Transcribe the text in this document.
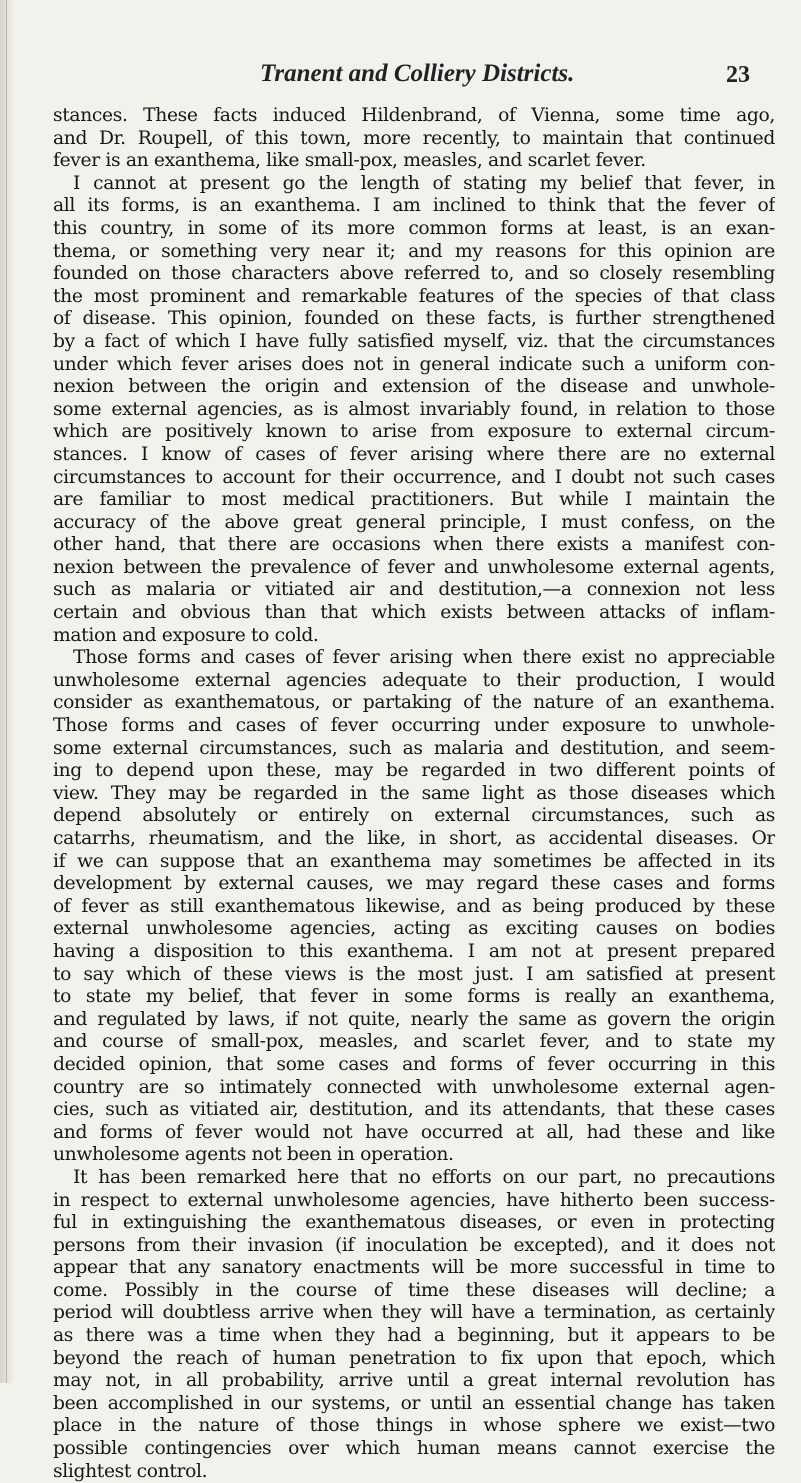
Tranent and Colliery Districts.	23
stances. These facts induced Hildenbrand, of Vienna, some time ago,
and Dr. Roupell, of this town, more recently, to maintain that continued
fever is an exanthema, like small-pox, measles, and scarlet fever.
I cannot at present go the length of stating my belief that fever, in
all its forms, is an exanthema. I am inclined to think that the fever of
this country, in some of its more common forms at least, is an exan-
thema, or something very near it; and my reasons for this opinion are
founded on those characters above referred to, and so closely resembling
the most prominent and remarkable features of the species of that class
of disease. This opinion, founded on these facts, is further strengthened
by a fact of which I have fully satisfied myself, viz. that the circumstances
under which fever arises does not in general indicate such a uniform con-
nexion between the origin and extension of the disease and unwhole-
some external agencies, as is almost invariably found, in relation to those
which are positively known to arise from exposure to external circum-
stances. I know of cases of fever arising where there are no external
circumstances to account for their occurrence, and I doubt not such cases
are familiar to most medical practitioners. But while I maintain the
accuracy of the above great general principle, I must confess, on the
other hand, that there are occasions when there exists a manifest con-
nexion between the prevalence of fever and unwholesome external agents,
such as malaria or vitiated air and destitution,—a connexion not less
certain and obvious than that which exists between attacks of inflam-
mation and exposure to cold.
Those forms and cases of fever arising when there exist no appreciable
unwholesome external agencies adequate to their production, I would
consider as exanthematous, or partaking of the nature of an exanthema.
Those forms and cases of fever occurring under exposure to unwhole-
some external circumstances, such as malaria and destitution, and seem-
ing to depend upon these, may be regarded in two different points of
view. They may be regarded in the same light as those diseases which
depend absolutely or entirely on external circumstances, such as
catarrhs, rheumatism, and the like, in short, as accidental diseases. Or
if we can suppose that an exanthema may sometimes be affected in its
development by external causes, we may regard these cases and forms
of fever as still exanthematous likewise, and as being produced by these
external unwholesome agencies, acting as exciting causes on bodies
having a disposition to this exanthema. I am not at present prepared
to say which of these views is the most just. I am satisfied at present
to state my belief, that fever in some forms is really an exanthema,
and regulated by laws, if not quite, nearly the same as govern the origin
and course of small-pox, measles, and scarlet fever, and to state my
decided opinion, that some cases and forms of fever occurring in this
country are so intimately connected with unwholesome external agen-
cies, such as vitiated air, destitution, and its attendants, that these cases
and forms of fever would not have occurred at all, had these and like
unwholesome agents not been in operation.
It has been remarked here that no efforts on our part, no precautions
in respect to external unwholesome agencies, have hitherto been success-
ful in extinguishing the exanthematous diseases, or even in protecting
persons from their invasion (if inoculation be excepted), and it does not
appear that any sanatory enactments will be more successful in time to
come. Possibly in the course of time these diseases will decline; a
period will doubtless arrive when they will have a termination, as certainly
as there was a time when they had a beginning, but it appears to be
beyond the reach of human penetration to fix upon that epoch, which
may not, in all probability, arrive until a great internal revolution has
been accomplished in our systems, or until an essential change has taken
place in the nature of those things in whose sphere we exist—two
possible contingencies over which human means cannot exercise the
slightest control.
